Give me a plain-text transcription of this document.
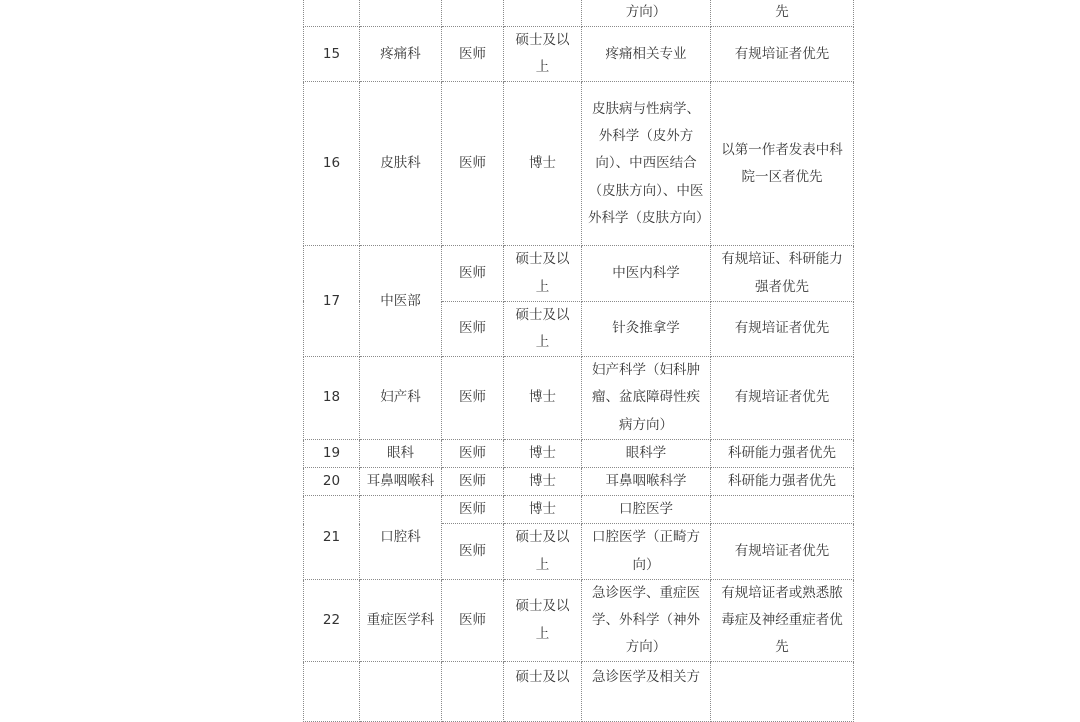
				方向）	先
15	疼痛科	医师	硕士及以上	疼痛相关专业	有规培证者优先
16	皮肤科	医师	博士	皮肤病与性病学、外科学（皮外方向）、中西医结合（皮肤方向）、中医外科学（皮肤方向）	以第一作者发表中科院一区者优先
17	中医部	医师	硕士及以上	中医内科学	有规培证、科研能力强者优先
		医师	硕士及以上	针灸推拿学	有规培证者优先
18	妇产科	医师	博士	妇产科学（妇科肿瘤、盆底障碍性疾病方向）	有规培证者优先
19	眼科	医师	博士	眼科学	科研能力强者优先
20	耳鼻咽喉科	医师	博士	耳鼻咽喉科学	科研能力强者优先
21	口腔科	医师	博士	口腔医学	
		医师	硕士及以上	口腔医学（正畸方向）	有规培证者优先
22	重症医学科	医师	硕士及以上	急诊医学、重症医学、外科学（神外方向）	有规培证者或熟悉脓毒症及神经重症者优先
			硕士及以	急诊医学及相关方	
